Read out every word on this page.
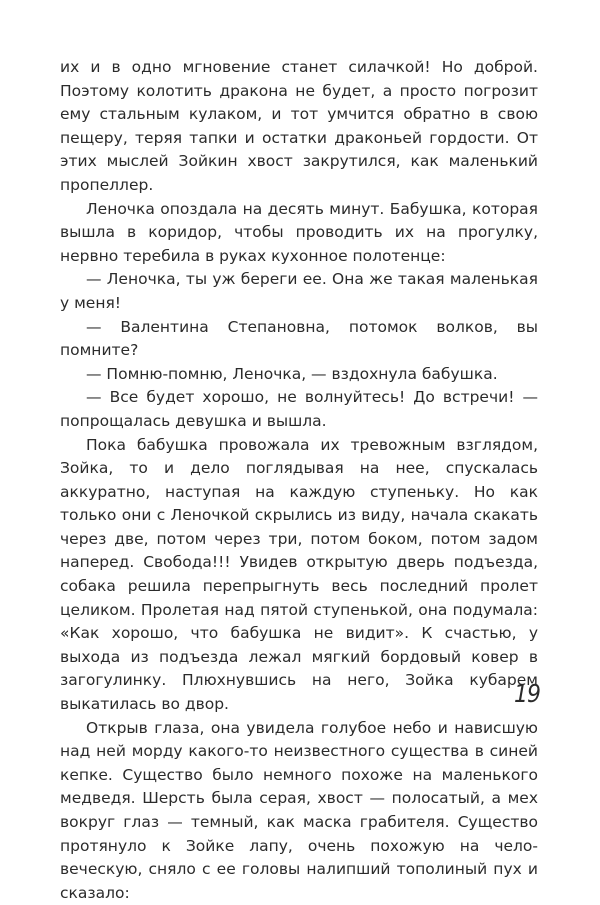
их и в одно мгновение станет силачкой! Но доброй. Поэтому колотить дракона не будет, а просто погрозит ему стальным кулаком, и тот умчится обратно в свою пещеру, теряя тапки и остатки драконьей гордости. От этих мыслей Зойкин хвост закрутился, как маленький пропеллер.

Леночка опоздала на десять минут. Бабушка, которая вышла в коридор, чтобы проводить их на прогулку, нервно теребила в руках кухонное полотенце:

— Леночка, ты уж береги ее. Она же такая маленькая у меня!

— Валентина Степановна, потомок волков, вы помните?

— Помню-помню, Леночка, — вздохнула бабушка.

— Все будет хорошо, не волнуйтесь! До встречи! — попрощалась девушка и вышла.

Пока бабушка провожала их тревожным взглядом, Зойка, то и дело поглядывая на нее, спускалась аккуратно, наступая на каждую ступеньку. Но как только они с Леночкой скрылись из виду, начала скакать через две, потом через три, потом боком, потом задом наперед. Свобода!!! Увидев открытую дверь подъезда, собака решила перепрыгнуть весь последний пролет целиком. Пролетая над пятой ступенькой, она подумала: «Как хорошо, что бабушка не видит». К счастью, у выхода из подъезда лежал мягкий бордовый ковер в загогулинку. Плюхнувшись на него, Зойка кубарем выкатилась во двор.

Открыв глаза, она увидела голубое небо и нависшую над ней морду какого-то неизвестного существа в синей кепке. Существо было немного похоже на маленького медведя. Шерсть была серая, хвост — полосатый, а мех вокруг глаз — темный, как маска грабителя. Существо протянуло к Зойке лапу, очень похожую на человеческую, сняло с ее головы налипший тополиный пух и сказало:

19
